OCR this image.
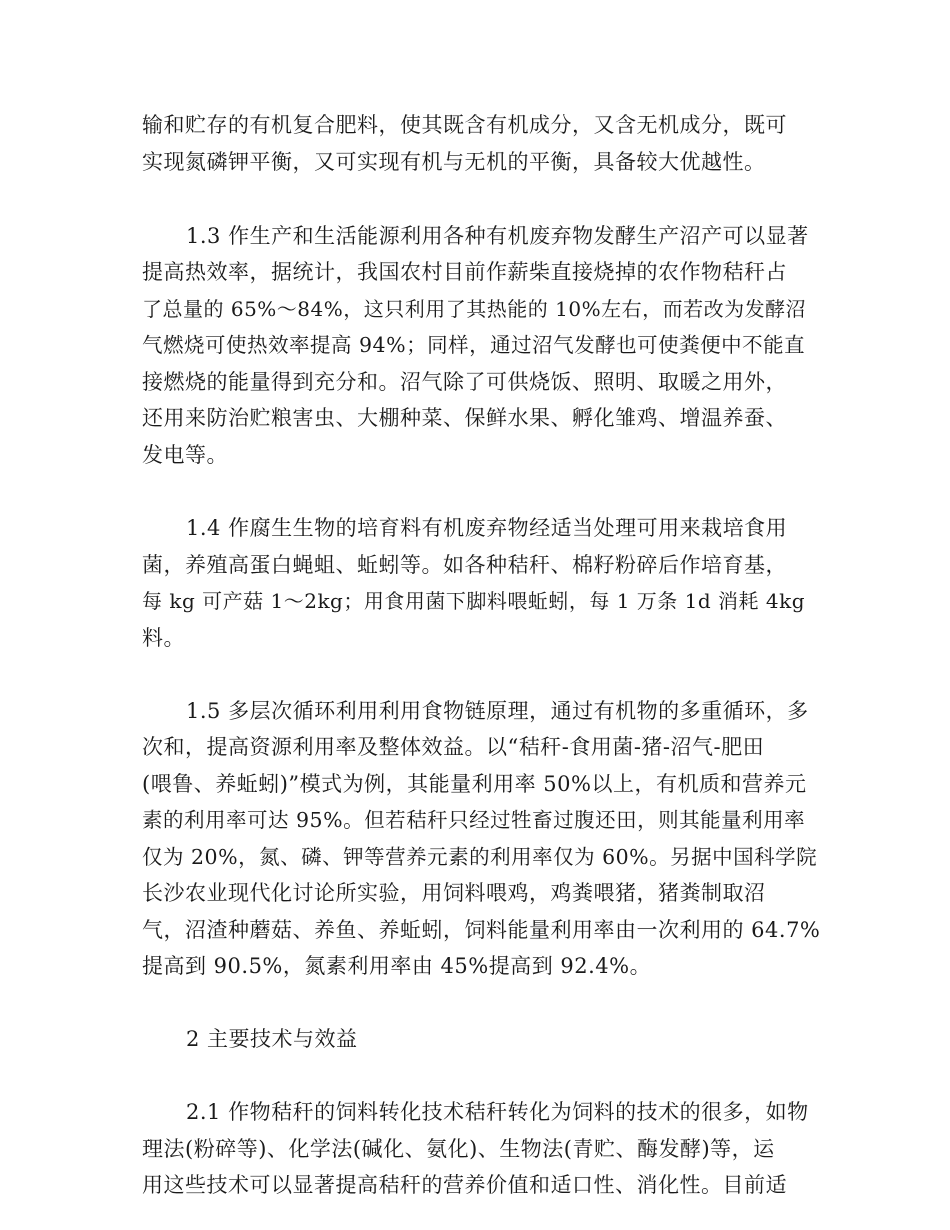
输和贮存的有机复合肥料，使其既含有机成分，又含无机成分，既可
实现氮磷钾平衡，又可实现有机与无机的平衡，具备较大优越性。
1.3 作生产和生活能源利用各种有机废弃物发酵生产沼产可以显著
提高热效率，据统计，我国农村目前作薪柴直接烧掉的农作物秸秆占
了总量的 65%～84%，这只利用了其热能的 10%左右，而若改为发酵沼
气燃烧可使热效率提高 94%；同样，通过沼气发酵也可使粪便中不能直
接燃烧的能量得到充分和。沼气除了可供烧饭、照明、取暖之用外，
还用来防治贮粮害虫、大棚种菜、保鲜水果、孵化雏鸡、增温养蚕、
发电等。
1.4 作腐生生物的培育料有机废弃物经适当处理可用来栽培食用
菌，养殖高蛋白蝇蛆、蚯蚓等。如各种秸秆、棉籽粉碎后作培育基，
每 kg 可产菇 1～2kg；用食用菌下脚料喂蚯蚓，每 1 万条 1d 消耗 4kg
料。
1.5 多层次循环利用利用食物链原理，通过有机物的多重循环，多
次和，提高资源利用率及整体效益。以“秸秆-食用菌-猪-沼气-肥田
(喂鲁、养蚯蚓)”模式为例，其能量利用率 50%以上，有机质和营养元
素的利用率可达 95%。但若秸秆只经过牲畜过腹还田，则其能量利用率
仅为 20%，氮、磷、钾等营养元素的利用率仅为 60%。另据中国科学院
长沙农业现代化讨论所实验，用饲料喂鸡，鸡粪喂猪，猪粪制取沼
气，沼渣种蘑菇、养鱼、养蚯蚓，饲料能量利用率由一次利用的 64.7%
提高到 90.5%，氮素利用率由 45%提高到 92.4%。
2 主要技术与效益
2.1 作物秸秆的饲料转化技术秸秆转化为饲料的技术的很多，如物
理法(粉碎等)、化学法(碱化、氨化)、生物法(青贮、酶发酵)等，运
用这些技术可以显著提高秸秆的营养价值和适口性、消化性。目前适
